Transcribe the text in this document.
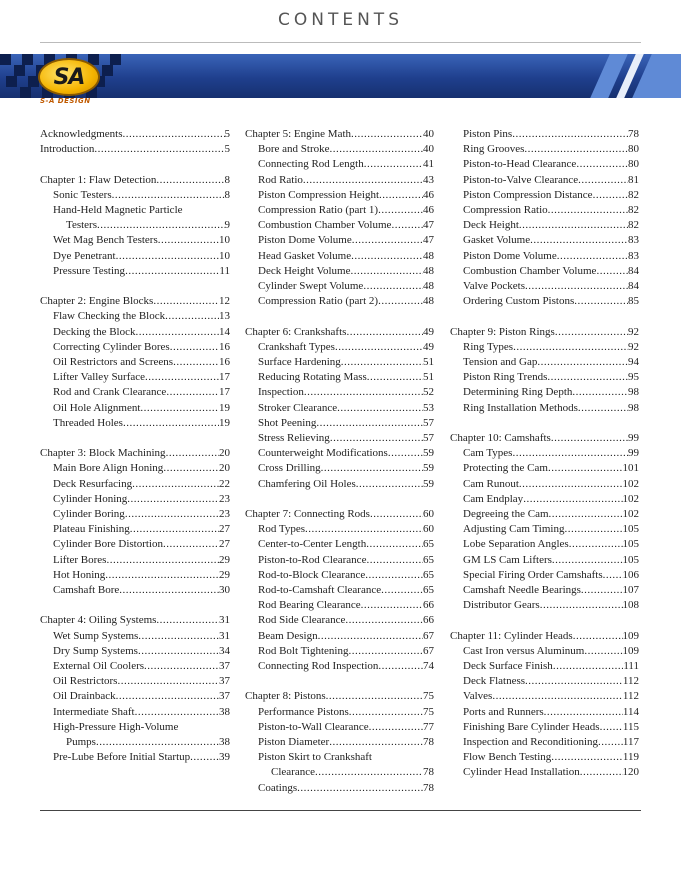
CONTENTS
SA
S-A DESIGN
Acknowledgments .....	5
Introduction .....	5
Chapter 1: Flaw Detection .....	8
Sonic Testers .....	8
Hand-Held Magnetic Particle
Testers .....	9
Wet Mag Bench Testers .....	10
Dye Penetrant .....	10
Pressure Testing .....	11
Chapter 2: Engine Blocks .....	12
Flaw Checking the Block .....	13
Decking the Block .....	14
Correcting Cylinder Bores .....	16
Oil Restrictors and Screens .....	16
Lifter Valley Surface .....	17
Rod and Crank Clearance .....	17
Oil Hole Alignment .....	19
Threaded Holes .....	19
Chapter 3: Block Machining .....	20
Main Bore Align Honing .....	20
Deck Resurfacing .....	22
Cylinder Honing .....	23
Cylinder Boring .....	23
Plateau Finishing .....	27
Cylinder Bore Distortion .....	27
Lifter Bores .....	29
Hot Honing .....	29
Camshaft Bore .....	30
Chapter 4: Oiling Systems .....	31
Wet Sump Systems .....	31
Dry Sump Systems .....	34
External Oil Coolers .....	37
Oil Restrictors .....	37
Oil Drainback .....	37
Intermediate Shaft .....	38
High-Pressure High-Volume
Pumps .....	38
Pre-Lube Before Initial Startup .....	39
Chapter 5: Engine Math .....	40
Bore and Stroke .....	40
Connecting Rod Length .....	41
Rod Ratio .....	43
Piston Compression Height .....	46
Compression Ratio (part 1) .....	46
Combustion Chamber Volume .....	47
Piston Dome Volume .....	47
Head Gasket Volume .....	48
Deck Height Volume .....	48
Cylinder Swept Volume .....	48
Compression Ratio (part 2) .....	48
Chapter 6: Crankshafts .....	49
Crankshaft Types .....	49
Surface Hardening .....	51
Reducing Rotating Mass .....	51
Inspection .....	52
Stroker Clearance .....	53
Shot Peening .....	57
Stress Relieving .....	57
Counterweight Modifications .....	59
Cross Drilling .....	59
Chamfering Oil Holes .....	59
Chapter 7: Connecting Rods .....	60
Rod Types .....	60
Center-to-Center Length .....	65
Piston-to-Rod Clearance .....	65
Rod-to-Block Clearance .....	65
Rod-to-Camshaft Clearance .....	65
Rod Bearing Clearance .....	66
Rod Side Clearance .....	66
Beam Design .....	67
Rod Bolt Tightening .....	67
Connecting Rod Inspection .....	74
Chapter 8: Pistons .....	75
Performance Pistons .....	75
Piston-to-Wall Clearance .....	77
Piston Diameter .....	78
Piston Skirt to Crankshaft
Clearance .....	78
Coatings .....	78
Piston Pins .....	78
Ring Grooves .....	80
Piston-to-Head Clearance .....	80
Piston-to-Valve Clearance .....	81
Piston Compression Distance .....	82
Compression Ratio .....	82
Deck Height .....	82
Gasket Volume .....	83
Piston Dome Volume .....	83
Combustion Chamber Volume .....	84
Valve Pockets .....	84
Ordering Custom Pistons .....	85
Chapter 9: Piston Rings .....	92
Ring Types .....	92
Tension and Gap .....	94
Piston Ring Trends .....	95
Determining Ring Depth .....	98
Ring Installation Methods .....	98
Chapter 10: Camshafts .....	99
Cam Types .....	99
Protecting the Cam .....	101
Cam Runout .....	102
Cam Endplay .....	102
Degreeing the Cam .....	102
Adjusting Cam Timing .....	105
Lobe Separation Angles .....	105
GM LS Cam Lifters .....	105
Special Firing Order Camshafts ..... 106
Camshaft Needle Bearings .....	107
Distributor Gears .....	108
Chapter 11: Cylinder Heads .....	109
Cast Iron versus Aluminum .....	109
Deck Surface Finish .....	111
Deck Flatness .....	112
Valves .....	112
Ports and Runners .....	114
Finishing Bare Cylinder Heads ..... 115
Inspection and Reconditioning ..... 117
Flow Bench Testing .....	119
Cylinder Head Installation .....	120
